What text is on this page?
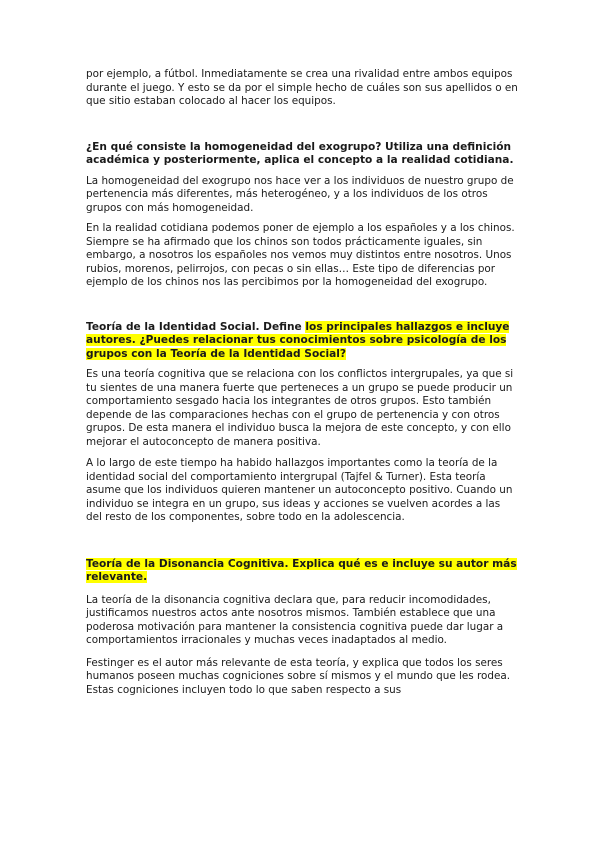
por ejemplo, a fútbol. Inmediatamente se crea una rivalidad entre ambos equipos durante el juego. Y esto se da por el simple hecho de cuáles son sus apellidos o en que sitio estaban colocado al hacer los equipos.

¿En qué consiste la homogeneidad del exogrupo? Utiliza una definición académica y posteriormente, aplica el concepto a la realidad cotidiana.

La homogeneidad del exogrupo nos hace ver a los individuos de nuestro grupo de pertenencia más diferentes, más heterogéneo, y a los individuos de los otros grupos con más homogeneidad.

En la realidad cotidiana podemos poner de ejemplo a los españoles y a los chinos. Siempre se ha afirmado que los chinos son todos prácticamente iguales, sin embargo, a nosotros los españoles nos vemos muy distintos entre nosotros. Unos rubios, morenos, pelirrojos, con pecas o sin ellas… Este tipo de diferencias por ejemplo de los chinos nos las percibimos por la homogeneidad del exogrupo.

Teoría de la Identidad Social. Define los principales hallazgos e incluye autores. ¿Puedes relacionar tus conocimientos sobre psicología de los grupos con la Teoría de la Identidad Social?

Es una teoría cognitiva que se relaciona con los conflictos intergrupales, ya que si tu sientes de una manera fuerte que perteneces a un grupo se puede producir un comportamiento sesgado hacia los integrantes de otros grupos. Esto también depende de las comparaciones hechas con el grupo de pertenencia y con otros grupos. De esta manera el individuo busca la mejora de este concepto, y con ello mejorar el autoconcepto de manera positiva.

A lo largo de este tiempo ha habido hallazgos importantes como la teoría de la identidad social del comportamiento intergrupal (Tajfel & Turner). Esta teoría asume que los individuos quieren mantener un autoconcepto positivo. Cuando un individuo se integra en un grupo, sus ideas y acciones se vuelven acordes a las del resto de los componentes, sobre todo en la adolescencia.

Teoría de la Disonancia Cognitiva. Explica qué es e incluye su autor más relevante.

La teoría de la disonancia cognitiva declara que, para reducir incomodidades, justificamos nuestros actos ante nosotros mismos. También establece que una poderosa motivación para mantener la consistencia cognitiva puede dar lugar a comportamientos irracionales y muchas veces inadaptados al medio.

Festinger es el autor más relevante de esta teoría, y explica que todos los seres humanos poseen muchas cogniciones sobre sí mismos y el mundo que les rodea. Estas cogniciones incluyen todo lo que saben respecto a sus
